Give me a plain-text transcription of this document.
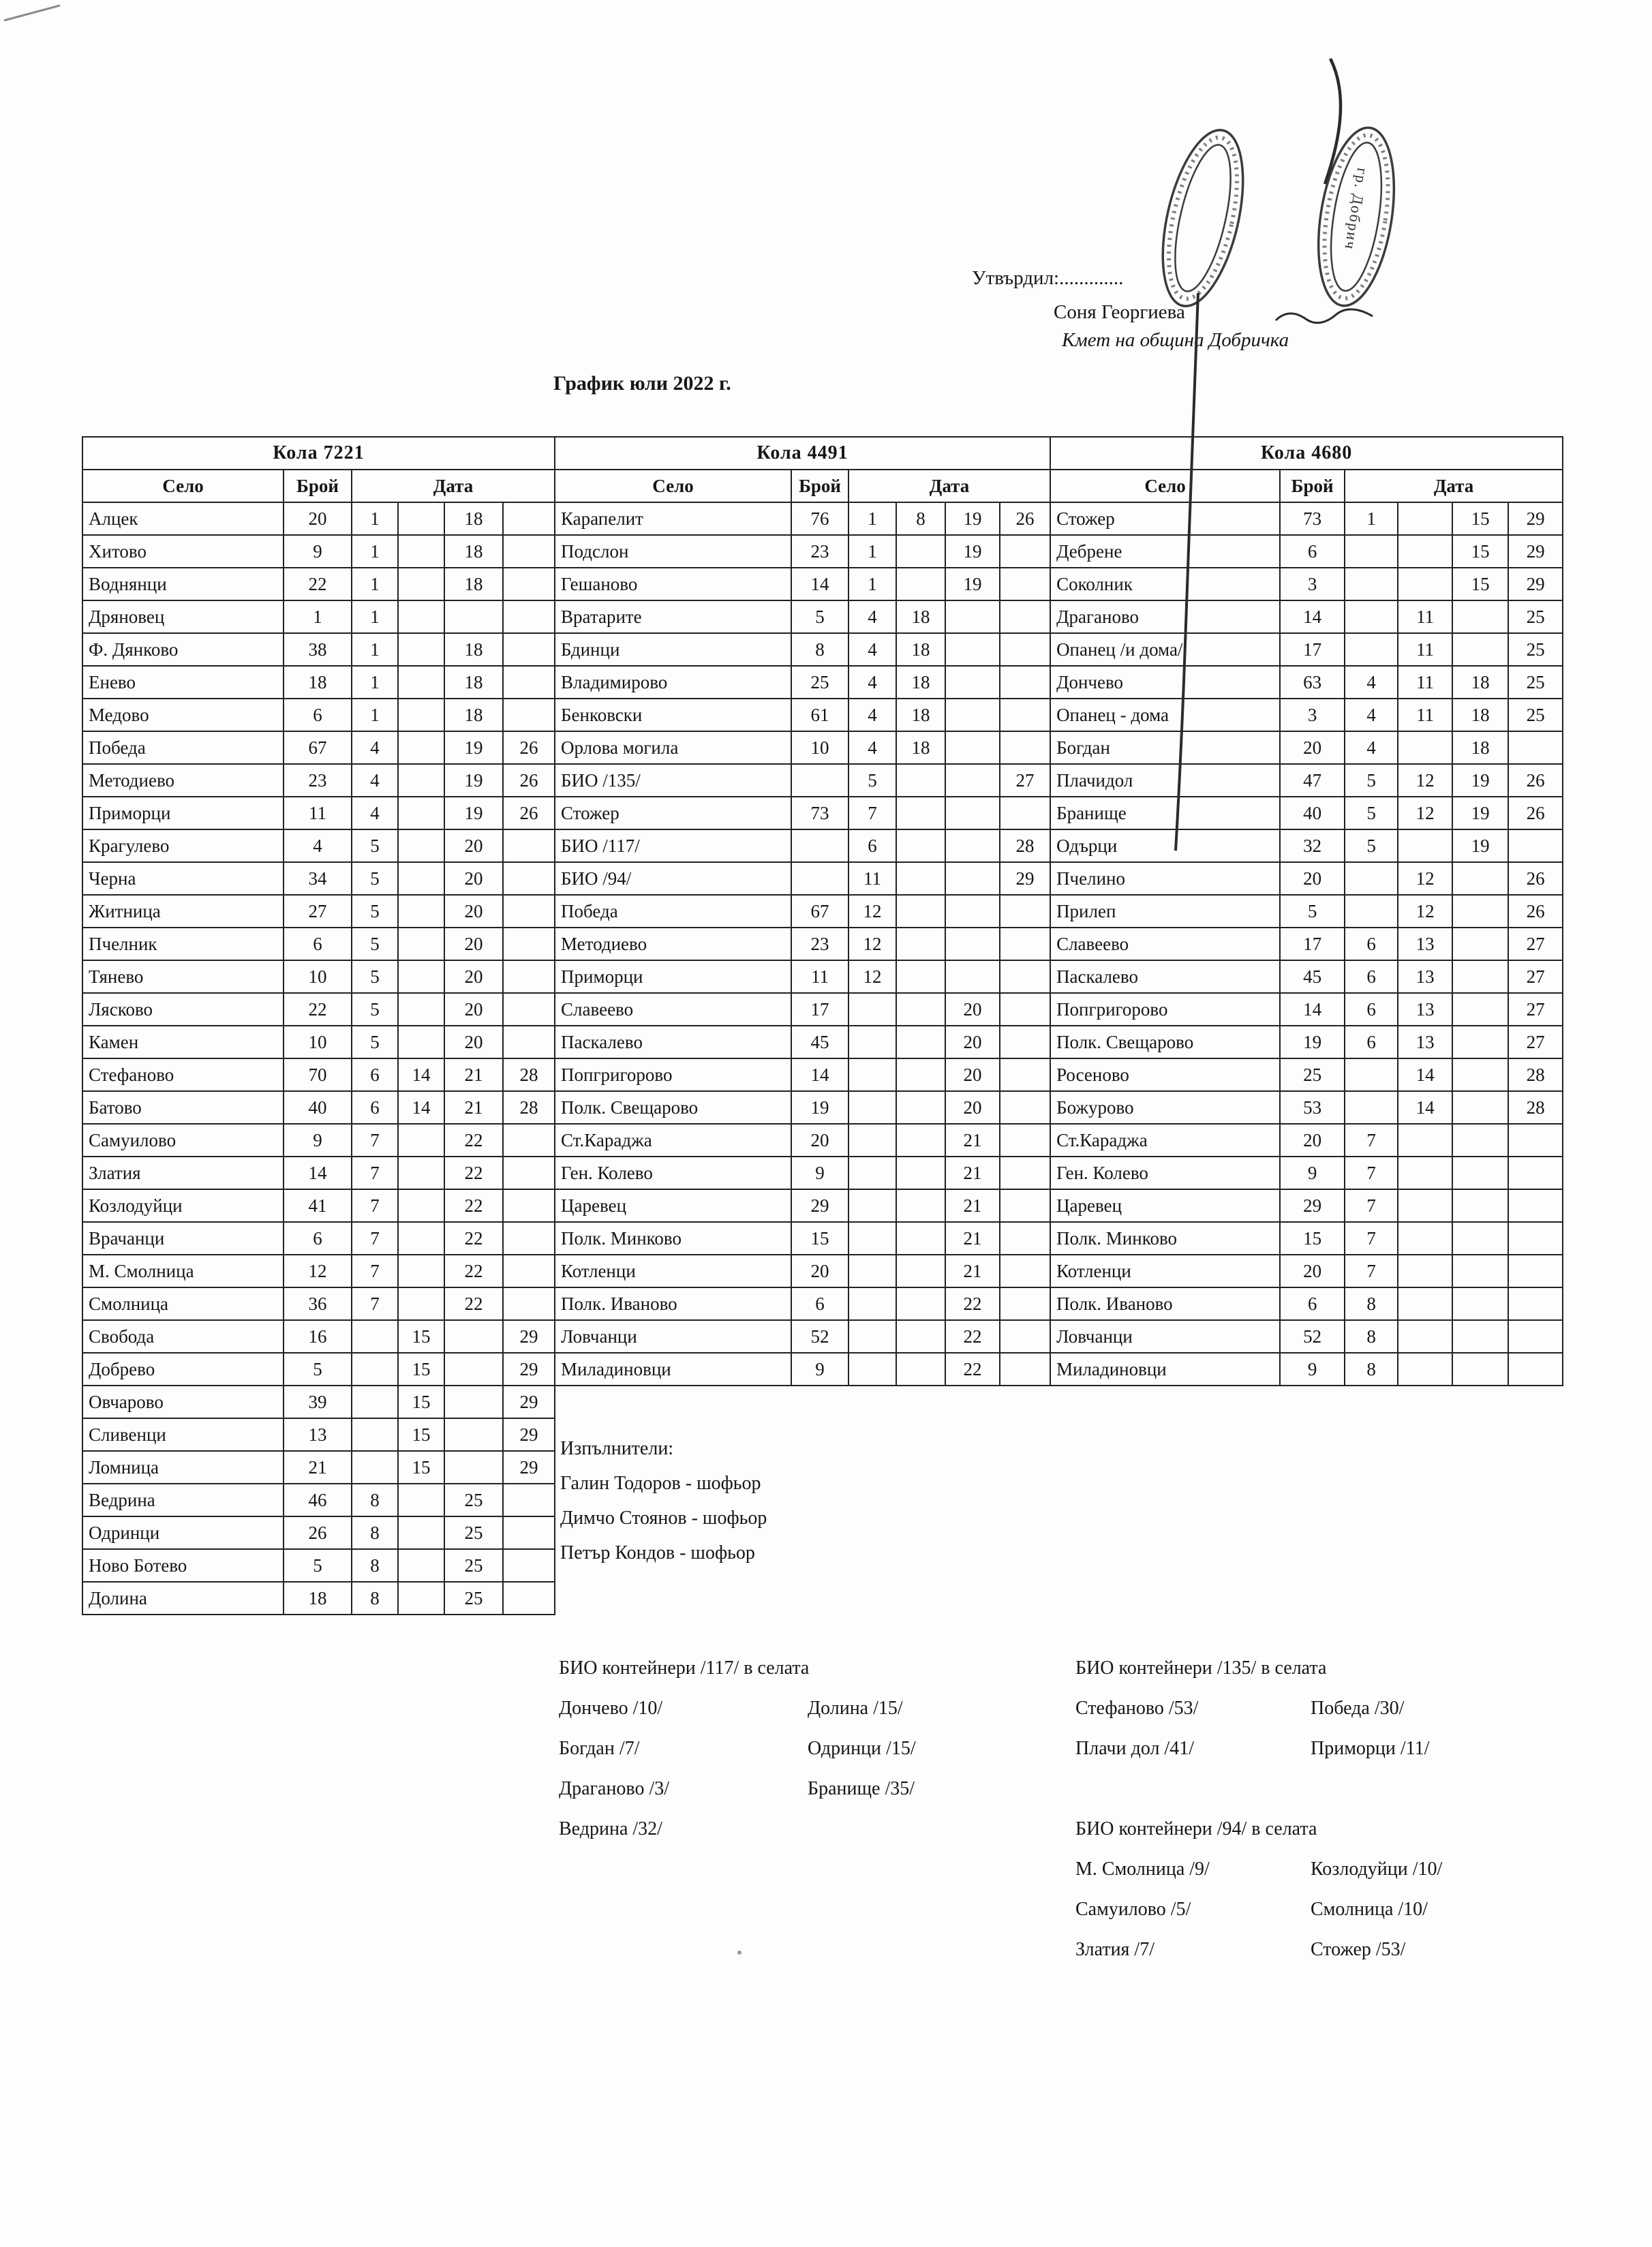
гр. Добрич
Утвърдил:.............
Соня Георгиева
Кмет на община Добричка
График юли 2022 г.
Кола 7221					
Село	Брой	Дата			
Алцек	20	1		18	
Хитово	9	1		18	
Воднянци	22	1		18	
Дряновец	1	1			
Ф. Дянково	38	1		18	
Енево	18	1		18	
Медово	6	1		18	
Победа	67	4		19	26
Методиево	23	4		19	26
Приморци	11	4		19	26
Крагулево	4	5		20	
Черна	34	5		20	
Житница	27	5		20	
Пчелник	6	5		20	
Тянево	10	5		20	
Лясково	22	5		20	
Камен	10	5		20	
Стефаново	70	6	14	21	28
Батово	40	6	14	21	28
Самуилово	9	7		22	
Златия	14	7		22	
Козлодуйци	41	7		22	
Врачанци	6	7		22	
М. Смолница	12	7		22	
Смолница	36	7		22	
Свобода	16		15		29
Добрево	5		15		29
Овчарово	39		15		29
Сливенци	13		15		29
Ломница	21		15		29
Ведрина	46	8		25	
Одринци	26	8		25	
Ново Ботево	5	8		25	
Долина	18	8		25	
Кола 4491					
Село	Брой	Дата			
Карапелит	76	1	8	19	26
Подслон	23	1		19	
Гешаново	14	1		19	
Вратарите	5	4	18		
Бдинци	8	4	18		
Владимирово	25	4	18		
Бенковски	61	4	18		
Орлова могила	10	4	18		
БИО /135/		5			27
Стожер	73	7			
БИО /117/		6			28
БИО /94/		11			29
Победа	67	12			
Методиево	23	12			
Приморци	11	12			
Славеево	17			20	
Паскалево	45			20	
Попгригорово	14			20	
Полк. Свещарово	19			20	
Ст.Караджа	20			21	
Ген. Колево	9			21	
Царевец	29			21	
Полк. Минково	15			21	
Котленци	20			21	
Полк. Иваново	6			22	
Ловчанци	52			22	
Миладиновци	9			22	
Кола 4680					
Село	Брой	Дата			
Стожер	73	1		15	29
Дебрене	6			15	29
Соколник	3			15	29
Драганово	14		11		25
Опанец /и дома/	17		11		25
Дончево	63	4	11	18	25
Опанец - дома	3	4	11	18	25
Богдан	20	4		18	
Плачидол	47	5	12	19	26
Бранище	40	5	12	19	26
Одърци	32	5		19	
Пчелино	20		12		26
Прилеп	5		12		26
Славеево	17	6	13		27
Паскалево	45	6	13		27
Попгригорово	14	6	13		27
Полк. Свещарово	19	6	13		27
Росеново	25		14		28
Божурово	53		14		28
Ст.Караджа	20	7			
Ген. Колево	9	7			
Царевец	29	7			
Полк. Минково	15	7			
Котленци	20	7			
Полк. Иваново	6	8			
Ловчанци	52	8			
Миладиновци	9	8			
Изпълнители:
Галин Тодоров - шофьор
Димчо Стоянов - шофьор
Петър Кондов - шофьор
БИО контейнери /117/ в селата
Дончево /10/	Долина /15/
Богдан /7/	Одринци /15/
Драганово /3/	Бранище /35/
Ведрина /32/
БИО контейнери /135/ в селата
Стефаново /53/	Победа /30/
Плачи дол /41/	Приморци /11/
БИО контейнери /94/ в селата
М. Смолница /9/	Козлодуйци /10/
Самуилово /5/	Смолница /10/
Златия /7/	Стожер /53/
